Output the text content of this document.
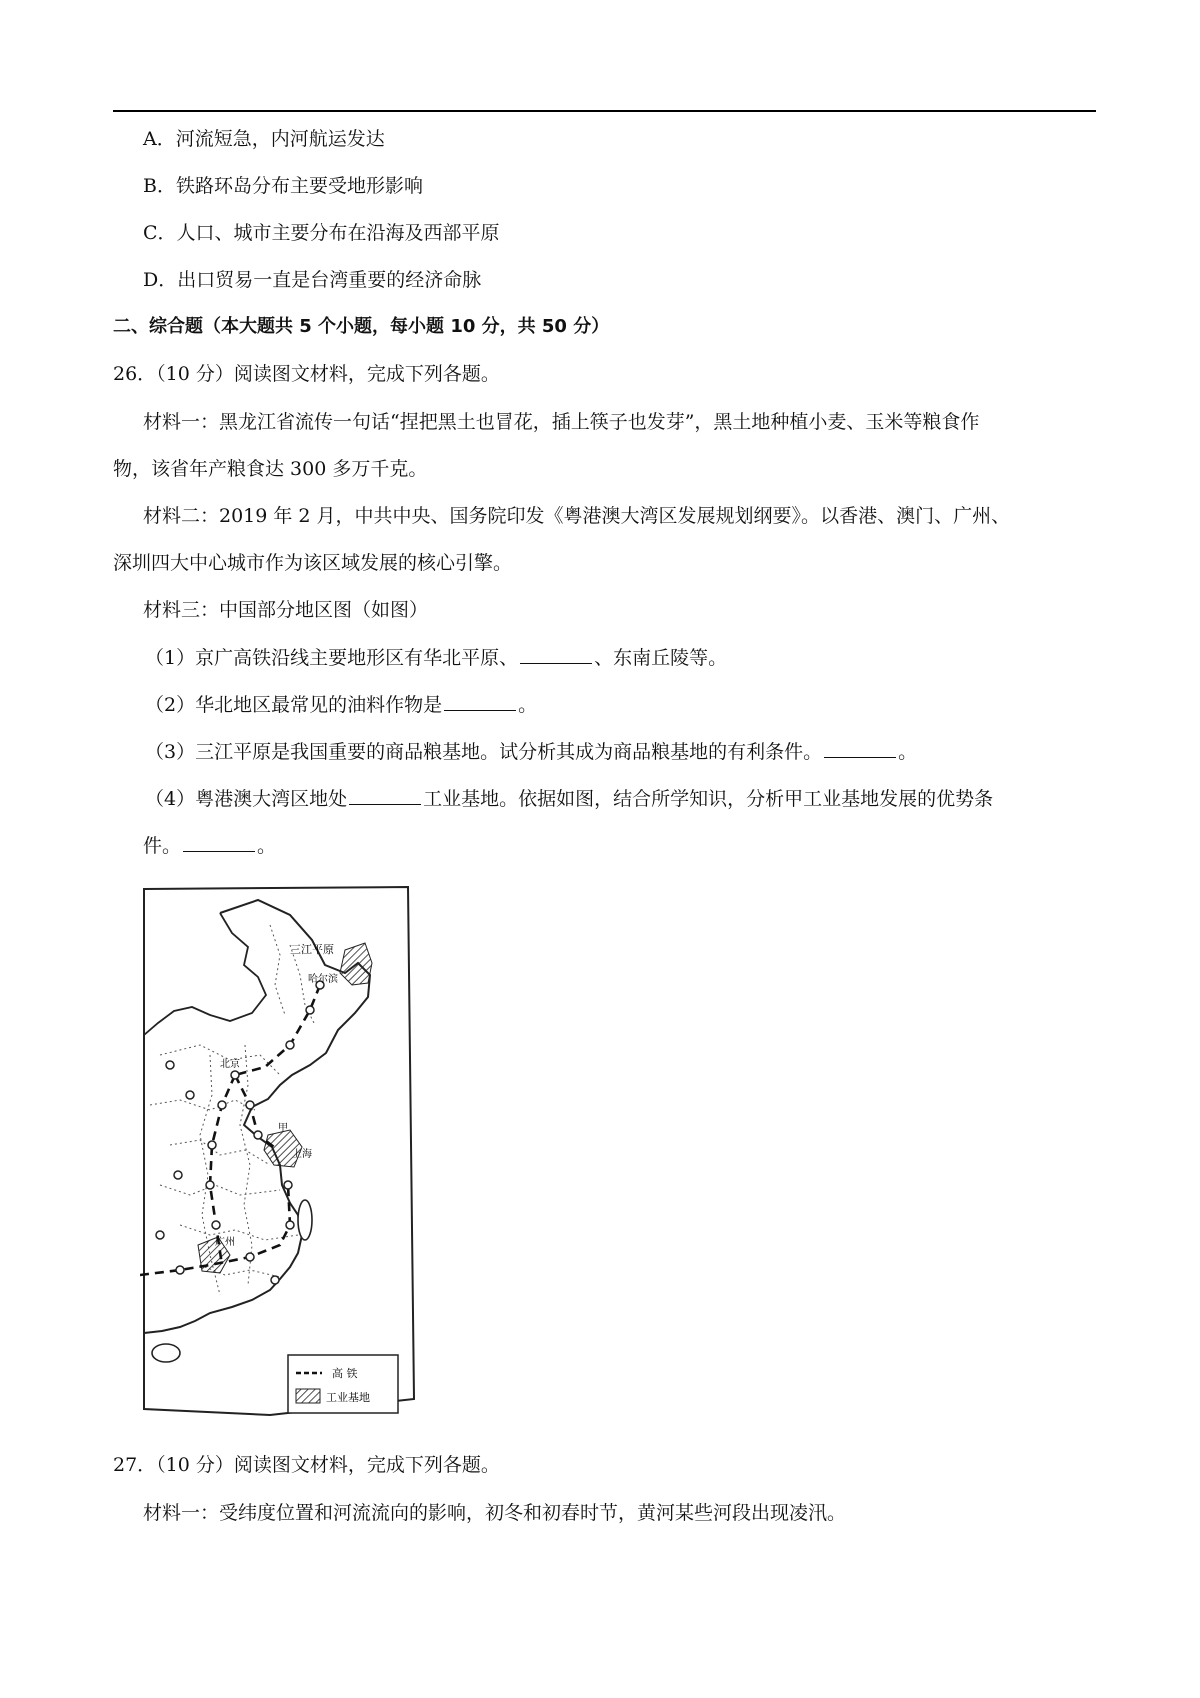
A．河流短急，内河航运发达
B．铁路环岛分布主要受地形影响
C．人口、城市主要分布在沿海及西部平原
D．出口贸易一直是台湾重要的经济命脉
二、综合题（本大题共 5 个小题，每小题 10 分，共 50 分）
26．（10 分）阅读图文材料，完成下列各题。
材料一：黑龙江省流传一句话“捏把黑土也冒花，插上筷子也发芽”，黑土地种植小麦、玉米等粮食作
物，该省年产粮食达 300 多万千克。
材料二：2019 年 2 月，中共中央、国务院印发《粤港澳大湾区发展规划纲要》。以香港、澳门、广州、
深圳四大中心城市作为该区域发展的核心引擎。
材料三：中国部分地区图（如图）
（1）京广高铁沿线主要地形区有华北平原、	、东南丘陵等。
（2）华北地区最常见的油料作物是	。
（3）三江平原是我国重要的商品粮基地。试分析其成为商品粮基地的有利条件。	。
（4）粤港澳大湾区地处	工业基地。依据如图，结合所学知识，分析甲工业基地发展的优势条
件。	。
三江平原
哈尔滨
北京
甲
上海
广州
高 铁
工业基地
27．（10 分）阅读图文材料，完成下列各题。
材料一：受纬度位置和河流流向的影响，初冬和初春时节，黄河某些河段出现凌汛。
